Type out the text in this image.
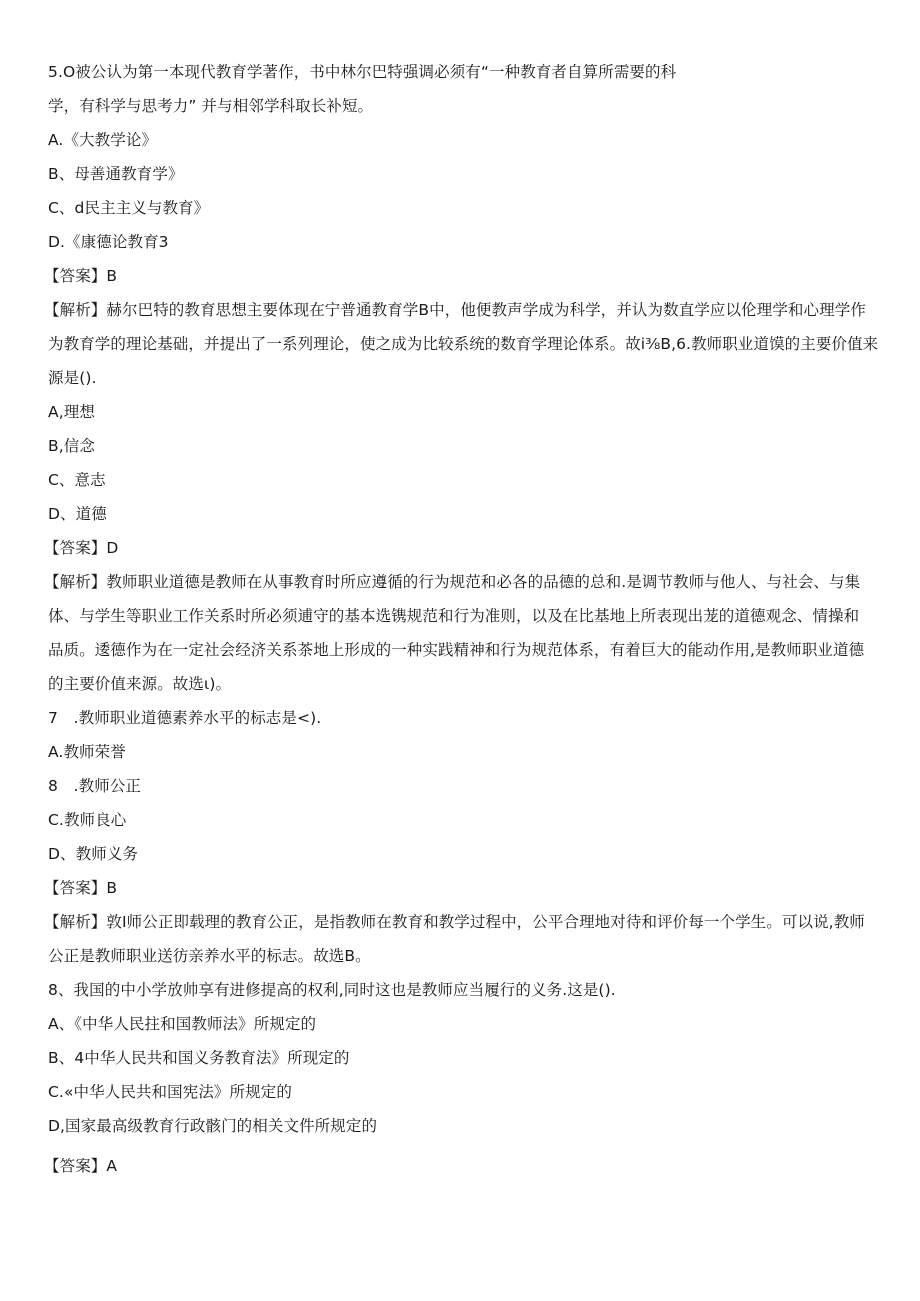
5.O被公认为第一本现代教育学著作，书中林尔巴特强调必须有“一种教育者自算所需要的科
学，有科学与思考力” 并与相邻学科取长补短。
A.《大教学论》
B、母善通教育学》
C、d民主主义与教育》
D.《康德论教育3
【答案】B
【解析】赫尔巴特的教育思想主要体现在宁普通教育学B中，他便教声学成为科学，并认为数直学应以伦理学和心理学作
为教育学的理论基础，并提出了一系列理论，使之成为比较系统的数育学理论体系。故i⅜B,6.教师职业道馍的主要价值来
源是().
A,理想
B,信念
C、意志
D、道德
【答案】D
【解析】教师职业道德是教师在从事教育时所应遵循的行为规范和必各的品德的总和.是调节教师与他人、与社会、与集
体、与学生等职业工作关系时所必须逋守的基本选镌规范和行为准则，以及在比基地上所表现出茏的道德观念、情操和
品质。逶德作为在一定社会经济关系茶地上形成的一种实践精神和行为规范体系，有着巨大的能动作用,是教师职业道德
的主要价值来源。故选ι)。
7　.教师职业道德素养水平的标志是<).
A.教师荣誉
8　.教师公正
C.教师良心
D、教师义务
【答案】B
【解析】敦I师公正即载理的教育公正，是指教师在教育和教学过程中，公平合理地对待和评价每一个学生。可以说,教师
公正是教师职业送彷亲养水平的标志。故选B。
8、我国的中小学放帅享有进修提高的权利,同时这也是教师应当履行的义务.这是().
A、《中华人民拄和国教师法》所规定的
B、4中华人民共和国义务教育法》所现定的
C.«中华人民共和国宪法》所规定的
D,国家最高级教育行政骸门的相关文件所规定的
【答案】A
